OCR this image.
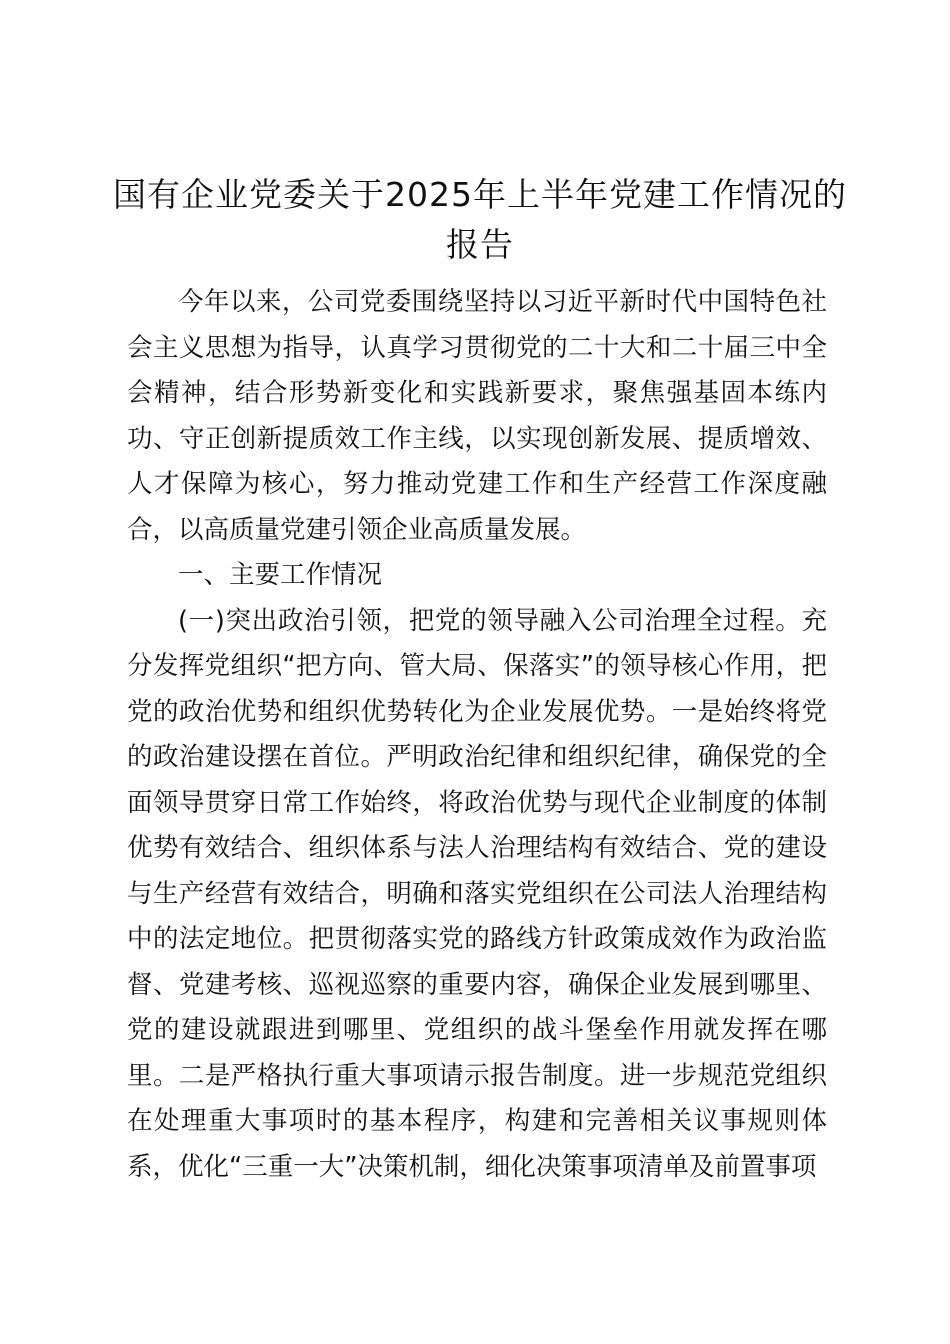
国有企业党委关于2025年上半年党建工作情况的报告

今年以来，公司党委围绕坚持以习近平新时代中国特色社会主义思想为指导，认真学习贯彻党的二十大和二十届三中全会精神，结合形势新变化和实践新要求，聚焦强基固本练内功、守正创新提质效工作主线，以实现创新发展、提质增效、人才保障为核心，努力推动党建工作和生产经营工作深度融合，以高质量党建引领企业高质量发展。

一、主要工作情况

(一)突出政治引领，把党的领导融入公司治理全过程。充分发挥党组织“把方向、管大局、保落实”的领导核心作用，把党的政治优势和组织优势转化为企业发展优势。一是始终将党的政治建设摆在首位。严明政治纪律和组织纪律，确保党的全面领导贯穿日常工作始终，将政治优势与现代企业制度的体制优势有效结合、组织体系与法人治理结构有效结合、党的建设与生产经营有效结合，明确和落实党组织在公司法人治理结构中的法定地位。把贯彻落实党的路线方针政策成效作为政治监督、党建考核、巡视巡察的重要内容，确保企业发展到哪里、党的建设就跟进到哪里、党组织的战斗堡垒作用就发挥在哪里。二是严格执行重大事项请示报告制度。进一步规范党组织在处理重大事项时的基本程序，构建和完善相关议事规则体系，优化“三重一大”决策机制，细化决策事项清单及前置事项
